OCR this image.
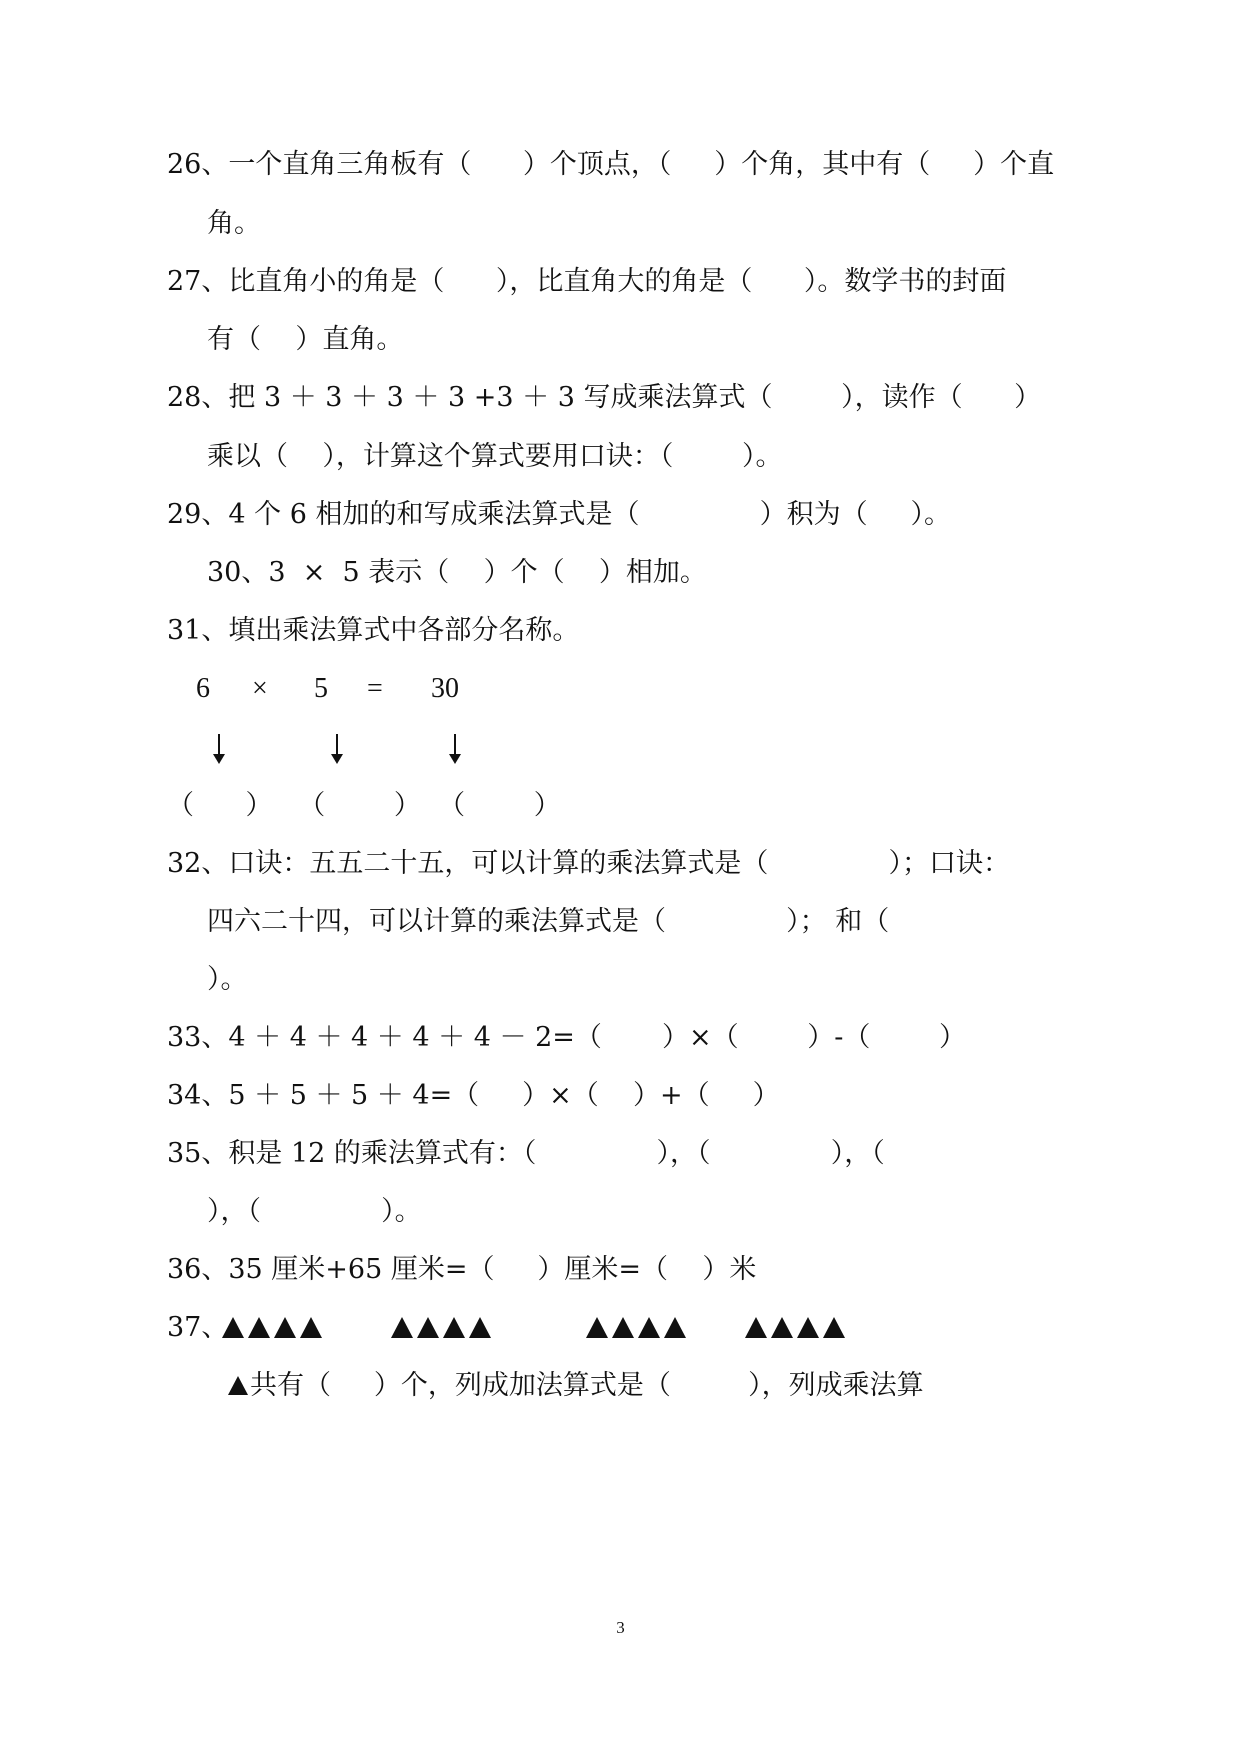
26、一个直角三角板有（      ）个顶点，（     ）个角，其中有（     ）个直

角。

27、比直角小的角是（      ），比直角大的角是（      ）。数学书的封面

有（    ）直角。

28、把 3 ＋ 3 ＋ 3 ＋ 3 +3 ＋ 3 写成乘法算式（        ），读作（      ）

乘以（    ），计算这个算式要用口诀：（        ）。

29、4 个 6 相加的和写成乘法算式是（              ）积为（     ）。

30、3  ×  5 表示（    ）个（    ）相加。

31、填出乘法算式中各部分名称。

6 × 5 = 30

（      ）   （        ）  （        ）

32、口诀：五五二十五，可以计算的乘法算式是（              ）；口诀：

四六二十四，可以计算的乘法算式是（              ）； 和（

）。

33、4 ＋ 4 ＋ 4 ＋ 4 ＋ 4 － 2=（       ）×（        ）-（        ）

34、5 ＋ 5 ＋ 5 ＋ 4=（     ）×（    ）+（     ）

35、积是 12 的乘法算式有：（              ），（              ），（

），（              ）。

36、35 厘米+65 厘米=（     ）厘米=（    ）米

37、

共有（     ）个，列成加法算式是（         ），列成乘法算

3
